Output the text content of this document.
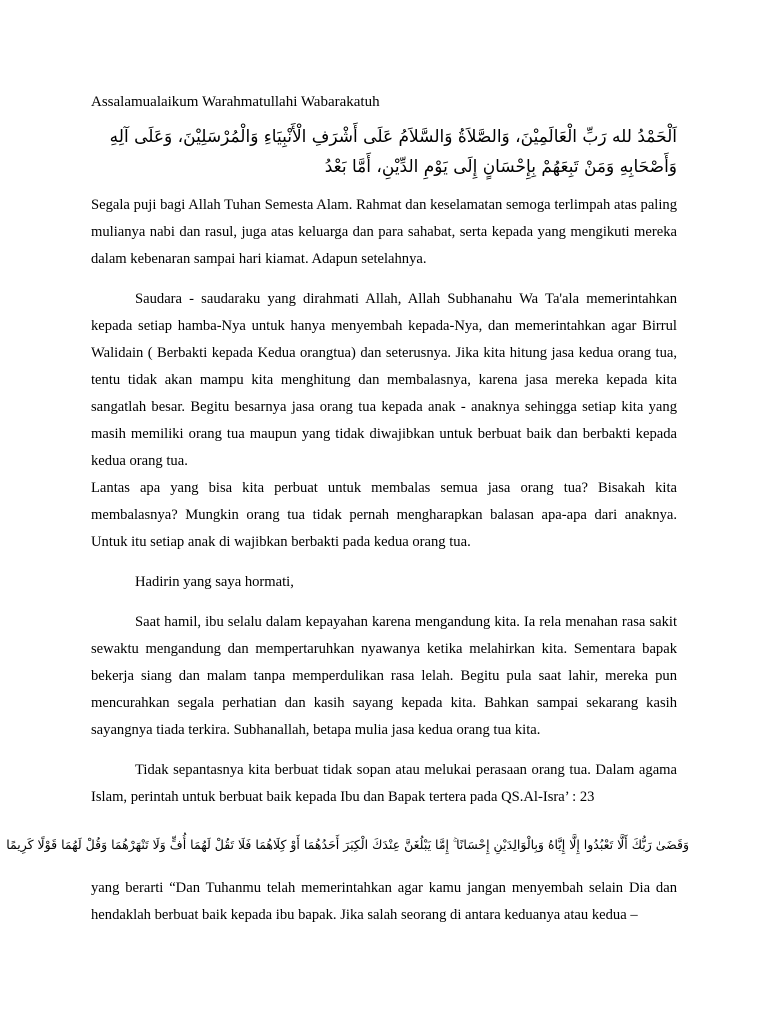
Assalamualaikum Warahmatullahi Wabarakatuh
اَلْحَمْدُ لله رَبِّ الْعَالَمِيْنَ، وَالصَّلاَةُ وَالسَّلاَمُ عَلَى أَشْرَفِ الْأَنْبِيَاءِ وَالْمُرْسَلِيْنَ، وَعَلَى آلِهِ وَأَصْحَابِهِ وَمَنْ تَبِعَهُمْ بِإِحْسَانٍ إِلَى يَوْمِ الدِّيْنِ، أَمَّا بَعْدُ

Segala puji bagi Allah Tuhan Semesta Alam. Rahmat dan keselamatan semoga terlimpah atas paling mulianya nabi dan rasul, juga atas keluarga dan para sahabat, serta kepada yang mengikuti mereka dalam kebenaran sampai hari kiamat. Adapun setelahnya.

Saudara - saudaraku yang dirahmati Allah, Allah Subhanahu Wa Ta'ala memerintahkan kepada setiap hamba-Nya untuk hanya menyembah kepada-Nya, dan memerintahkan agar Birrul Walidain ( Berbakti kepada Kedua orangtua) dan seterusnya. Jika kita hitung jasa kedua orang tua, tentu tidak akan mampu kita menghitung dan membalasnya, karena jasa mereka kepada kita sangatlah besar. Begitu besarnya jasa orang tua kepada anak - anaknya sehingga setiap kita yang masih memiliki orang tua maupun yang tidak diwajibkan untuk berbuat baik dan berbakti kepada kedua orang tua.

Lantas apa yang bisa kita perbuat untuk membalas semua jasa orang tua? Bisakah kita membalasnya? Mungkin orang tua tidak pernah mengharapkan balasan apa-apa dari anaknya. Untuk itu setiap anak di wajibkan berbakti pada kedua orang tua.

Hadirin yang saya hormati,

Saat hamil, ibu selalu dalam kepayahan karena mengandung kita. Ia rela menahan rasa sakit sewaktu mengandung dan mempertaruhkan nyawanya ketika melahirkan kita. Sementara bapak bekerja siang dan malam tanpa memperdulikan rasa lelah. Begitu pula saat lahir, mereka pun mencurahkan segala perhatian dan kasih sayang kepada kita. Bahkan sampai sekarang kasih sayangnya tiada terkira. Subhanallah, betapa mulia jasa kedua orang tua kita.

Tidak sepantasnya kita berbuat tidak sopan atau melukai perasaan orang tua. Dalam agama Islam, perintah untuk berbuat baik kepada Ibu dan Bapak tertera pada QS.Al-Isra’ : 23

وَقَضَىٰ رَبُّكَ أَلَّا تَعْبُدُوا إِلَّا إِيَّاهُ وَبِالْوَالِدَيْنِ إِحْسَانًا ۚ إِمَّا يَبْلُغَنَّ عِنْدَكَ الْكِبَرَ أَحَدُهُمَا أَوْ كِلَاهُمَا فَلَا تَقُلْ لَهُمَا أُفٍّ وَلَا تَنْهَرْهُمَا وَقُلْ لَهُمَا قَوْلًا كَرِيمًا

yang berarti “Dan Tuhanmu telah memerintahkan agar kamu jangan menyembah selain Dia dan hendaklah berbuat baik kepada ibu bapak. Jika salah seorang di antara keduanya atau kedua –
